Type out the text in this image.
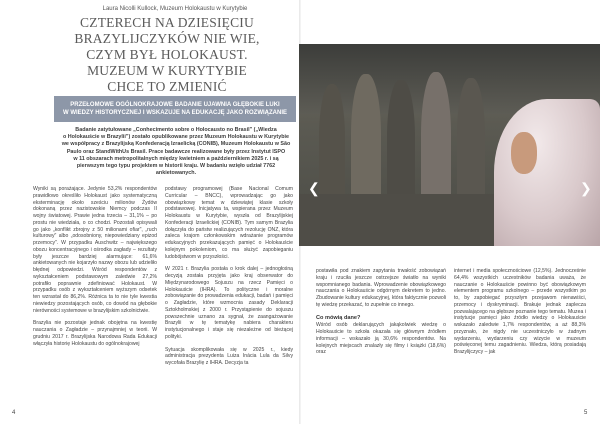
Laura Nicolli Kullock, Muzeum Holokaustu w Kurytybie
CZTERECH NA DZIESIĘCIU
BRAZYLIJCZYKÓW NIE WIE,
CZYM BYŁ HOLOKAUST.
MUZEUM W KURYTYBIE
CHCE TO ZMIENIĆ
PRZEŁOMOWE OGÓLNOKRAJOWE BADANIE UJAWNIA GŁĘBOKIE LUKI
W WIEDZY HISTORYCZNEJ I WSKAZUJE NA EDUKACJĘ JAKO ROZWIĄZANIE

Badanie zatytułowane „Conhecimento sobre o Holocausto no Brasil" („Wiedza
o Holokauście w Brazylii") zostało opublikowane przez Muzeum Holokaustu w Kurytybie
we współpracy z Brazylijską Konfederacją Izraelicką (CONIB), Muzeum Holokaustu w São
Paulo oraz StandWithUs Brasil. Prace badawcze realizowane były przez Instytut ISPO
w 11 obszarach metropolitalnych między kwietniem a październikiem 2025 r. i są
pierwszym tego typu projektem w historii kraju. W badaniu wzięło udział 7762
ankietowanych.

Wyniki są porażające. Jedynie 53,2% respondentów prawidłowo określiło Holokaust jako systematyczną eksterminację około sześciu milionów Żydów dokonaną przez nazistowskie Niemcy podczas II wojny światowej. Prawie jedna trzecia – 31,1% – po prostu nie wiedziała, o co chodzi. Pozostali opisywali go jako „konflikt zbrojny z 50 milionami ofiar", „ruch kulturowy" albo „odosobniony, niepowiedziany epizod przemocy". W przypadku Auschwitz – największego obozu koncentracyjnego i ośrodka zagłady – rezultaty były jeszcze bardziej alarmujące: 61,6% ankietowanych nie kojarzyło nazwy obozu lub udzieliło błędnej odpowiedzi. Wśród respondentów z wykształceniem podstawowym zaledwie 27,2% potrafiło poprawnie zdefiniować Holokaust. W przypadku osób z wykształceniem wyższym odsetek ten wzrastał do 86,2%. Różnica ta to nie tyle kwestia niewiedzy pozostających osób, co dowód na głębokie nierówności systemowe w brazylijskim szkolnictwie.

Brazylia nie pozostaje jednak obojętna na kwestię nauczania o Zagładzie – przynajmniej w teorii. W grudniu 2017 r. Brazylijska Narodowa Rada Edukacji włączyła historię Holokaustu do ogólnokrajowej

podstawy programowej (Base Nacional Comum Curricular – BNCC), wprowadzając go jako obowiązkowy temat w dziewiątej klasie szkoły podstawowej. Inicjatywa ta, wspierana przez Muzeum Holokaustu w Kurytybie, wyszła od Brazylijskiej Konfederacji Izraelickiej (CONIB). Tym samym Brazylia dołączyła do państw realizujących rezolucję ONZ, która zaleca krajom członkowskim wdrażanie programów edukacyjnych przekazujących pamięć o Holokauście kolejnym pokoleniom, co ma służyć zapobieganiu ludobójstwom w przyszłości.

W 2021 r. Brazylia postała o krok dalej – jednogłośną decyzją została przyjęta jako kraj obserwator do Międzynarodowego Sojuszu na rzecz Pamięci o Holokauście (IHRA). To polityczne i moralne zobowiązanie do prowadzenia edukacji, badań i pamięci o Zagładzie, które wzmocnia zasady Deklaracji Sztokholmskiej z 2000 r. Przystąpienie do sojuszu powszechnie uznano za sygnał, że zaangażowanie Brazylii w tę tematykę nabiera charakteru instytucjonalnego i staje się niezależne od bieżącej polityki.

Sytuacja skomplikowała się w 2025 r., kiedy administracja prezydenta Luiza Inácia Lula da Silvy wycofała Brazylię z IHRA. Decyzja ta

4
❮	❯

postawiła pod znakiem zapytania trwałość zobowiązań kraju i rzuciła jeszcze ostrzejsze światło na wyniki wspomnianego badania. Wprowadzenie obowiązkowego nauczania o Holokauście odgórnym dekretem to jedno. Zbudowanie kultury edukacyjnej, która faktycznie pozwoli tę wiedzę przekazać, to zupełnie co innego.

Co mówią dane?

Wśród osób deklarujących jakąkolwiek wiedzę o Holokauście to szkoła okazała się głównym źródłem informacji – wskazało ją 30,6% respondentów. Na kolejnych miejscach znalazły się filmy i książki (18,6%) oraz

internet i media społecznościowe (12,5%). Jednocześnie 64,4% wszystkich uczestników badania uważa, że nauczanie o Holokauście powinno być obowiązkowym elementem programu szkolnego – przede wszystkim po to, by zapobiegać przyszłym przejawom nienawiści, przemocy i dyskryminacji. Brakuje jednak zaplecza pozwalającego na głębsze poznanie tego tematu. Muzea i instytucje pamięci jako źródło wiedzy o Holokauście wskazało zaledwie 1,7% respondentów, a aż 88,3% przyznało, że nigdy nie uczestniczyło w żadnym wydarzeniu, wydarzeniu czy wizycie w muzeum poświęconej temu zagadnieniu. Wiedza, którą posiadają Brazylijczycy – jak

5
